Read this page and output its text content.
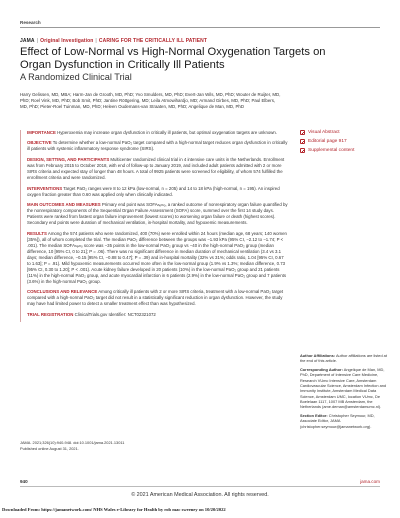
Research
JAMA | Original Investigation | CARING FOR THE CRITICALLY ILL PATIENT
Effect of Low-Normal vs High-Normal Oxygenation Targets on Organ Dysfunction in Critically Ill Patients
A Randomized Clinical Trial
Harry Gelissen, MD, MBA; Harm-Jan de Grooth, MD, PhD; Yvo Smulders, MD, PhD; Evert-Jan Wils, MD, PhD; Wouter de Ruijter, MD, PhD; Roel Vink, MD, PhD; Bob Smit, PhD; Jantine Röttgering, MD; Leila Atmowihardjo, MD; Armand Girbes, MD, PhD; Paul Elbers, MD, PhD; Pieter-Roel Tuinman, MD, PhD; Heleen Oudemans-van Straaten, MD, PhD; Angelique de Man, MD, PhD

IMPORTANCE Hyperoxemia may increase organ dysfunction in critically ill patients, but optimal oxygenation targets are unknown.

OBJECTIVE To determine whether a low-normal PaO₂ target compared with a high-normal target reduces organ dysfunction in critically ill patients with systemic inflammatory response syndrome (SIRS).

DESIGN, SETTING, AND PARTICIPANTS Multicenter randomized clinical trial in 4 intensive care units in the Netherlands. Enrollment was from February 2015 to October 2018, with end of follow-up to January 2019, and included adult patients admitted with 2 or more SIRS criteria and expected stay of longer than 48 hours. A total of 9925 patients were screened for eligibility, of whom 574 fulfilled the enrollment criteria and were randomized.

INTERVENTIONS Target PaO₂ ranges were 8 to 12 kPa (low-normal, n = 205) and 14 to 18 kPa (high-normal, n = 195). An inspired oxygen fraction greater than 0.60 was applied only when clinically indicated.

MAIN OUTCOMES AND MEASURES Primary end point was SOFAₕₑₘₒ, a ranked outcome of nonrespiratory organ failure quantified by the nonrespiratory components of the Sequential Organ Failure Assessment (SOFA) score, summed over the first 14 study days. Patients were ranked from fastest organ failure improvement (lowest scores) to worsening organ failure or death (highest scores). Secondary end points were duration of mechanical ventilation, in-hospital mortality, and hypoxemic measurements.

RESULTS Among the 574 patients who were randomized, 400 (70%) were enrolled within 24 hours (median age, 68 years; 140 women [35%]), all of whom completed the trial. The median PaO₂ difference between the groups was −1.93 kPa (95% CI, −2.12 to −1.74; P < .001). The median SOFAₕₑₘₒ score was −35 points in the low-normal PaO₂ group vs −40 in the high-normal PaO₂ group (median difference, 10 [95% CI, 0 to 21]; P = .06). There was no significant difference in median duration of mechanical ventilation (3.4 vs 3.1 days; median difference, −0.15 [95% CI, −0.88 to 0.47]; P = .39) and in-hospital mortality (32% vs 31%; odds ratio, 1.04 [95% CI, 0.67 to 1.63]; P = .91). Mild hypoxemic measurements occurred more often in the low-normal group (1.9% vs 1.3%; median difference, 0.73 [95% CI, 0.30 to 1.20]; P < .001). Acute kidney failure developed in 20 patients (10%) in the low-normal PaO₂ group and 21 patients (11%) in the high-normal PaO₂ group, and acute myocardial infarction in 6 patients (2.9%) in the low-normal PaO₂ group and 7 patients (3.6%) in the high-normal PaO₂ group.

CONCLUSIONS AND RELEVANCE Among critically ill patients with 2 or more SIRS criteria, treatment with a low-normal PaO₂ target compared with a high-normal PaO₂ target did not result in a statistically significant reduction in organ dysfunction. However, the study may have had limited power to detect a smaller treatment effect than was hypothesized.

TRIAL REGISTRATION ClinicalTrials.gov Identifier: NCT02321072

JAMA. 2021;326(10):940-948. doi:10.1001/jama.2021.13011
Published online August 31, 2021.
Visual Abstract
Editorial page 917
Supplemental content

Author Affiliations: Author affiliations are listed at the end of this article.

Corresponding Author: Angelique de Man, MD, PhD, Department of Intensive Care Medicine, Research VUmc Intensive Care, Amsterdam Cardiovascular Science, Amsterdam Infection and Immunity Institute, Amsterdam Medical Data Science, Amsterdam UMC, location VUmc, De Boelelaan 1117, 1007 MB Amsterdam, the Netherlands (ame.deman@amsterdamumc.nl).

Section Editor: Christopher Seymour, MD, Associate Editor, JAMA (christopher.seymour@jamanetwork.org).

940	jama.com
© 2021 American Medical Association. All rights reserved.
Downloaded From: https://jamanetwork.com/ NHS Wales e-Library for Health by rob mac sweeney on 10/20/2022
